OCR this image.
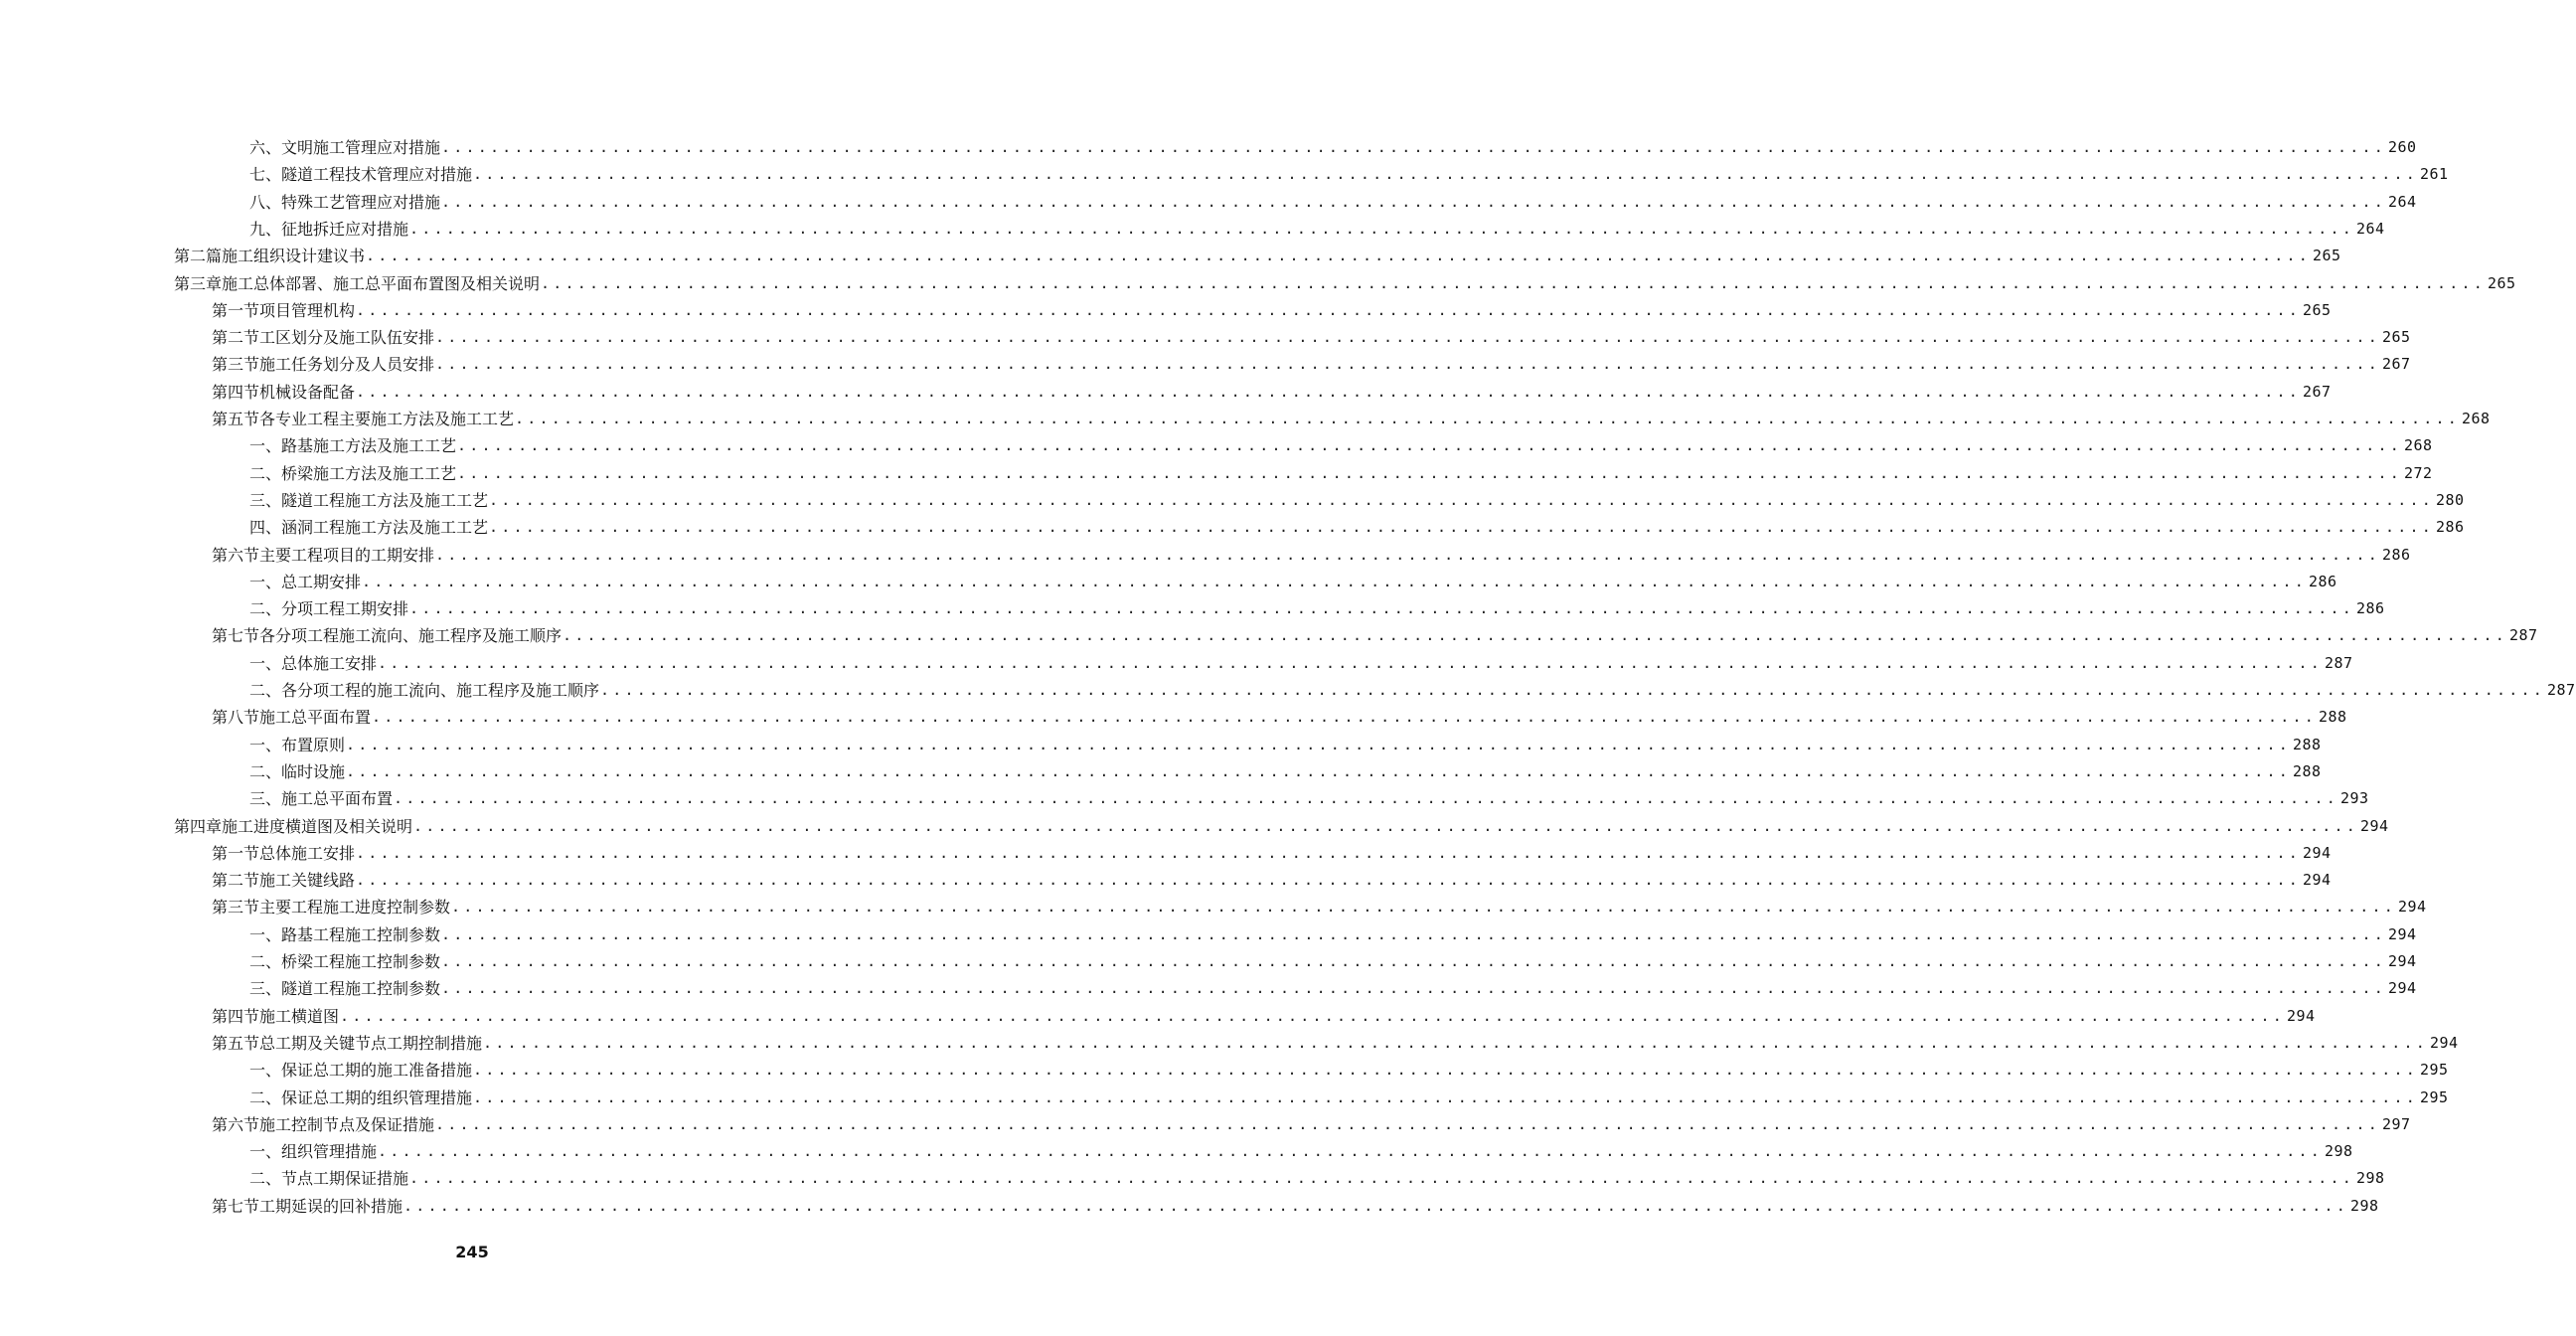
六、 文明施工管理应对措施 ................................................................................................................................................................ 260
七、 隧道工程技术管理应对措施 ................................................................................................................................................................ 261
八、 特殊工艺管理应对措施 ................................................................................................................................................................ 264
九、 征地拆迁应对措施 ................................................................................................................................................................ 264
第二篇施工组织设计建议书 ................................................................................................................................................................ 265
第三章 施工总体部署、施工总平面布置图及相关说明 ................................................................................................................................................................ 265
第一节 项目管理机构 ................................................................................................................................................................ 265
第二节 工区划分及施工队伍安排 ................................................................................................................................................................ 265
第三节 施工任务划分及人员安排 ................................................................................................................................................................ 267
第四节 机械设备配备 ................................................................................................................................................................ 267
第五节 各专业工程主要施工方法及施工工艺 ................................................................................................................................................................ 268
一、 路基施工方法及施工工艺 ................................................................................................................................................................ 268
二、 桥梁施工方法及施工工艺 ................................................................................................................................................................ 272
三、 隧道工程施工方法及施工工艺 ................................................................................................................................................................ 280
四、 涵洞工程施工方法及施工工艺 ................................................................................................................................................................ 286
第六节 主要工程项目的工期安排 ................................................................................................................................................................ 286
一、 总工期安排 ................................................................................................................................................................ 286
二、 分项工程工期安排 ................................................................................................................................................................ 286
第七节 各分项工程施工流向、施工程序及施工顺序 ................................................................................................................................................................ 287
一、 总体施工安排 ................................................................................................................................................................ 287
二、 各分项工程的施工流向、施工程序及施工顺序 ................................................................................................................................................................ 287
第八节 施工总平面布置 ................................................................................................................................................................ 288
一、 布置原则 ................................................................................................................................................................ 288
二、 临时设施 ................................................................................................................................................................ 288
三、 施工总平面布置 ................................................................................................................................................................ 293
第四章 施工进度横道图及相关说明 ................................................................................................................................................................ 294
第一节 总体施工安排 ................................................................................................................................................................ 294
第二节 施工关键线路 ................................................................................................................................................................ 294
第三节 主要工程施工进度控制参数 ................................................................................................................................................................ 294
一、 路基工程施工控制参数 ................................................................................................................................................................ 294
二、 桥梁工程施工控制参数 ................................................................................................................................................................ 294
三、 隧道工程施工控制参数 ................................................................................................................................................................ 294
第四节 施工横道图 ................................................................................................................................................................ 294
第五节 总工期及关键节点工期控制措施 ................................................................................................................................................................ 294
一、 保证总工期的施工准备措施 ................................................................................................................................................................ 295
二、 保证总工期的组织管理措施 ................................................................................................................................................................ 295
第六节 施工控制节点及保证措施 ................................................................................................................................................................ 297
一、 组织管理措施 ................................................................................................................................................................ 298
二、 节点工期保证措施 ................................................................................................................................................................ 298
第七节 工期延误的回补措施 ................................................................................................................................................................ 298
245
